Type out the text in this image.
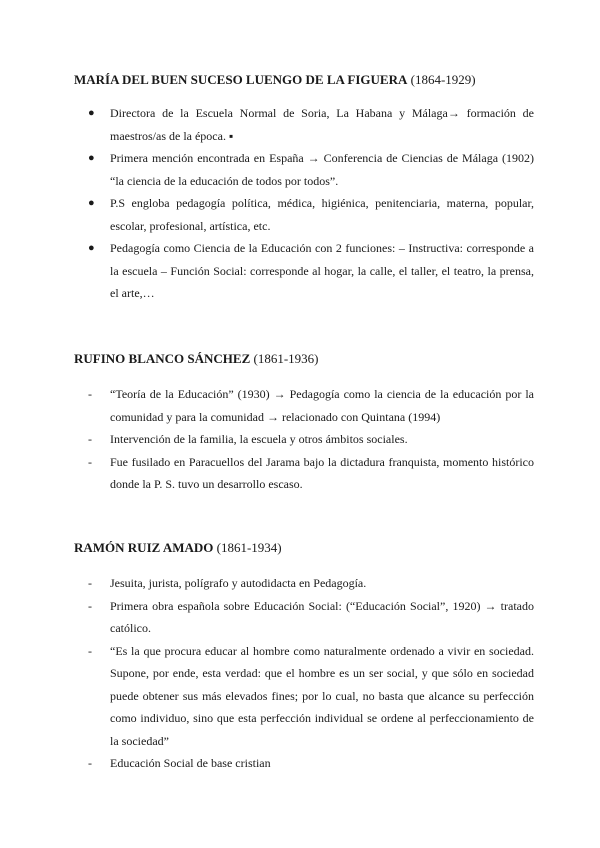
MARÍA DEL BUEN SUCESO LUENGO DE LA FIGUERA (1864-1929)

● Directora de la Escuela Normal de Soria, La Habana y Málaga→ formación de maestros/as de la época. ▪
● Primera mención encontrada en España → Conferencia de Ciencias de Málaga (1902) “la ciencia de la educación de todos por todos”.
● P.S engloba pedagogía política, médica, higiénica, penitenciaria, materna, popular, escolar, profesional, artística, etc.
● Pedagogía como Ciencia de la Educación con 2 funciones: – Instructiva: corresponde a la escuela – Función Social: corresponde al hogar, la calle, el taller, el teatro, la prensa, el arte,…

RUFINO BLANCO SÁNCHEZ (1861-1936)

- “Teoría de la Educación” (1930) → Pedagogía como la ciencia de la educación por la comunidad y para la comunidad → relacionado con Quintana (1994)
- Intervención de la familia, la escuela y otros ámbitos sociales.
- Fue fusilado en Paracuellos del Jarama bajo la dictadura franquista, momento histórico donde la P. S. tuvo un desarrollo escaso.

RAMÓN RUIZ AMADO (1861-1934)

- Jesuita, jurista, polígrafo y autodidacta en Pedagogía.
- Primera obra española sobre Educación Social: (“Educación Social”, 1920) → tratado católico.
- “Es la que procura educar al hombre como naturalmente ordenado a vivir en sociedad. Supone, por ende, esta verdad: que el hombre es un ser social, y que sólo en sociedad puede obtener sus más elevados fines; por lo cual, no basta que alcance su perfección como individuo, sino que esta perfección individual se ordene al perfeccionamiento de la sociedad”
- Educación Social de base cristian
